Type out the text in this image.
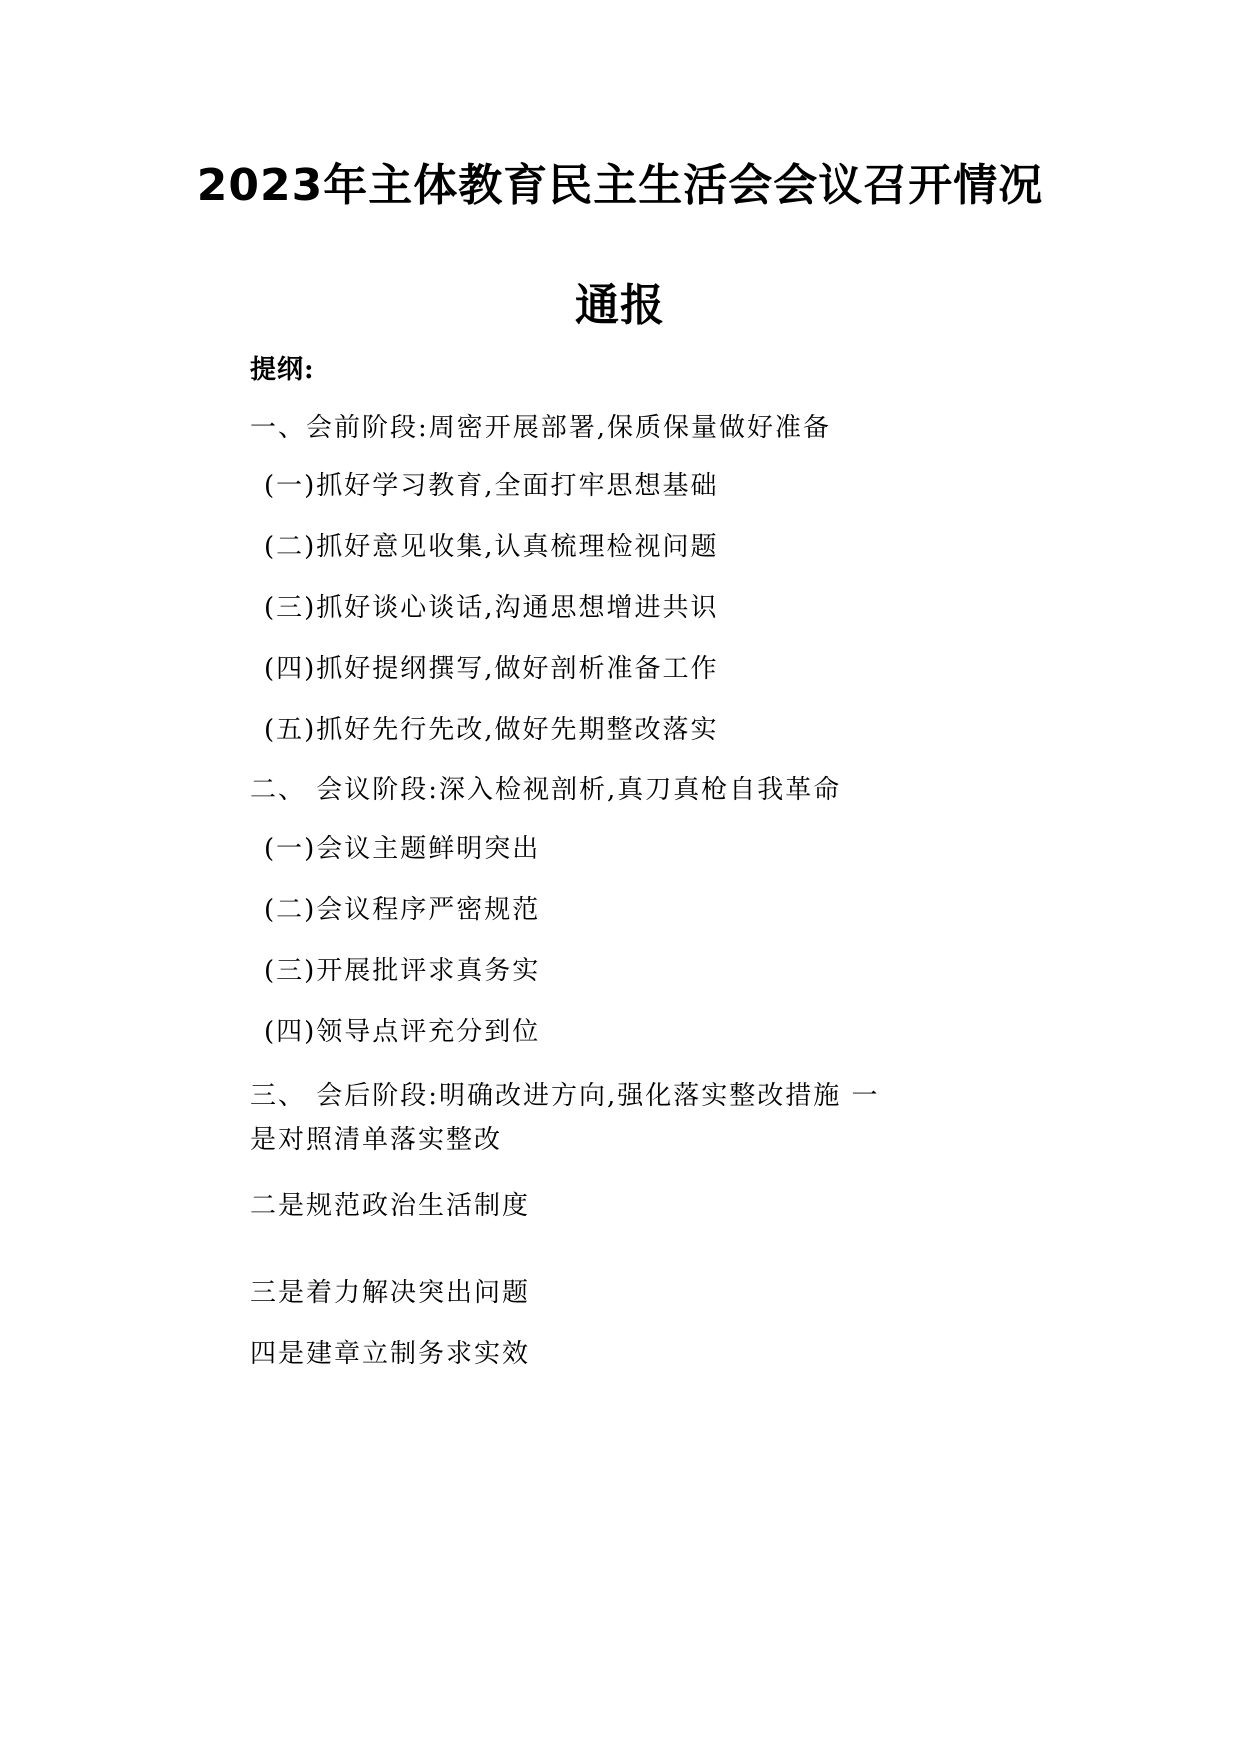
2023年主体教育民主生活会会议召开情况
通报
提纲:
一、会前阶段:周密开展部署,保质保量做好准备
(一)抓好学习教育,全面打牢思想基础
(二)抓好意见收集,认真梳理检视问题
(三)抓好谈心谈话,沟通思想增进共识
(四)抓好提纲撰写,做好剖析准备工作
(五)抓好先行先改,做好先期整改落实
二、 会议阶段:深入检视剖析,真刀真枪自我革命
(一)会议主题鲜明突出
(二)会议程序严密规范
(三)开展批评求真务实
(四)领导点评充分到位
三、 会后阶段:明确改进方向,强化落实整改措施 一是对照清单落实整改
二是规范政治生活制度
三是着力解决突出问题
四是建章立制务求实效
